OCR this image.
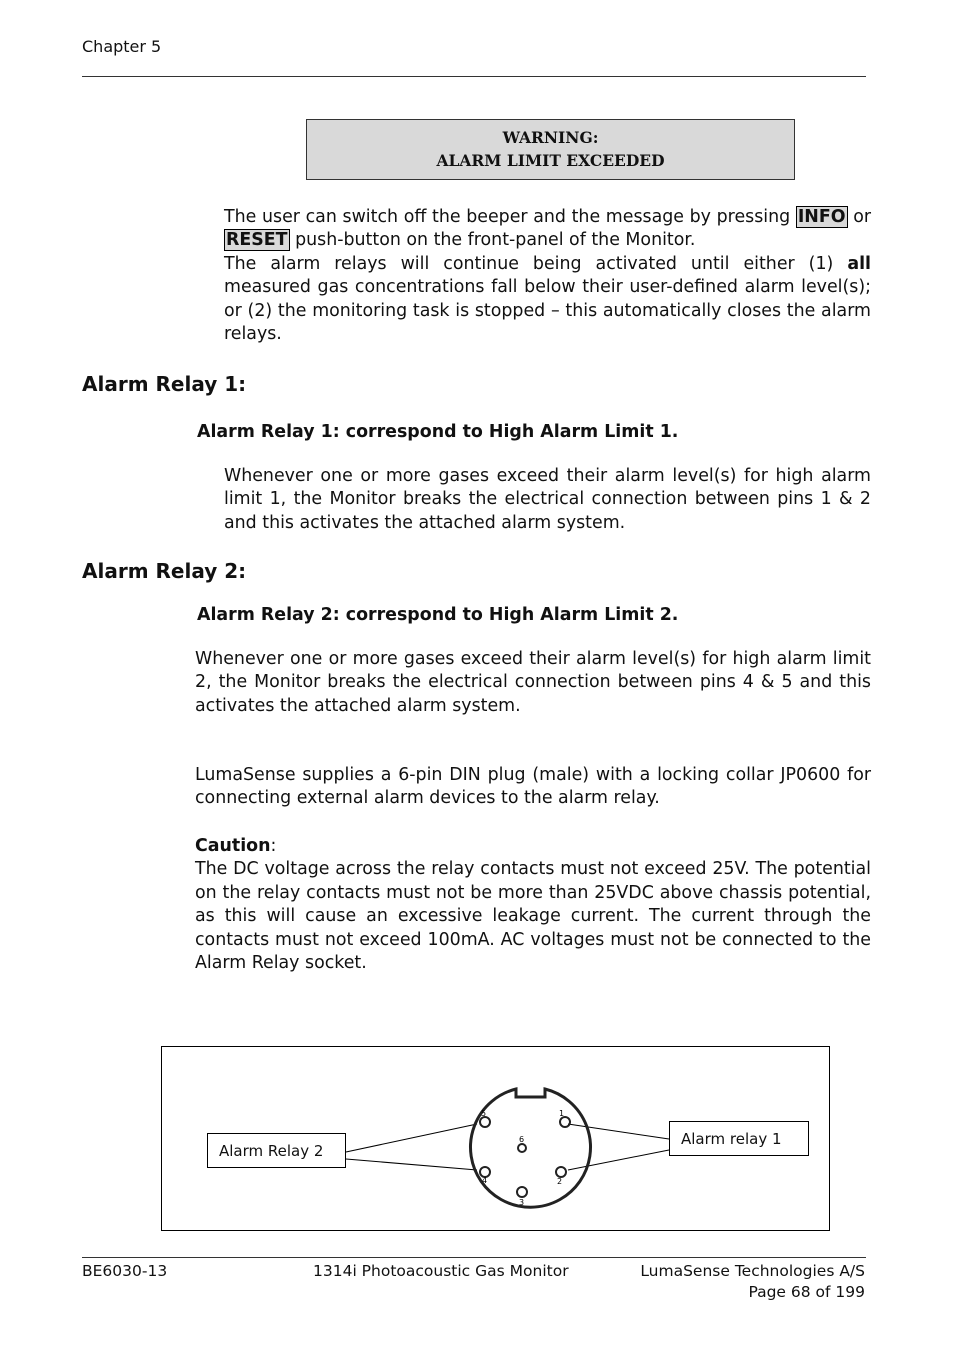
Chapter 5
WARNING:
ALARM LIMIT EXCEEDED

The user can switch off the beeper and the message by pressing INFO or RESET push-button on the front-panel of the Monitor.

The alarm relays will continue being activated until either (1) all measured gas concentrations fall below their user-defined alarm level(s); or (2) the monitoring task is stopped – this automatically closes the alarm relays.

Alarm Relay 1:
Alarm Relay 1: correspond to High Alarm Limit 1.
Whenever one or more gases exceed their alarm level(s) for high alarm limit 1, the Monitor breaks the electrical connection between pins 1 & 2 and this activates the attached alarm system.
Alarm Relay 2:
Alarm Relay 2: correspond to High Alarm Limit 2.
Whenever one or more gases exceed their alarm level(s) for high alarm limit 2, the Monitor breaks the electrical connection between pins 4 & 5 and this activates the attached alarm system.
LumaSense supplies a 6-pin DIN plug (male) with a locking collar JP0600 for connecting external alarm devices to the alarm relay.

Caution:

The DC voltage across the relay contacts must not exceed 25V. The potential on the relay contacts must not be more than 25VDC above chassis potential, as this will cause an excessive leakage current. The current through the contacts must not exceed 100mA. AC voltages must not be connected to the Alarm Relay socket.

1
2
3
4
5
6
Alarm Relay 2
Alarm relay 1
BE6030-13	1314i Photoacoustic Gas Monitor	LumaSense Technologies A/S
Page 68 of 199
